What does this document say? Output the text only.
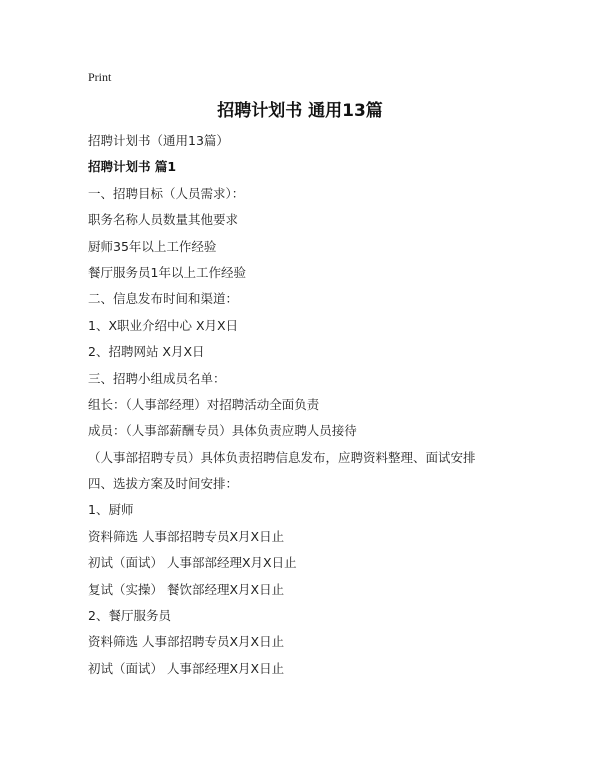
Print
招聘计划书 通用13篇
招聘计划书（通用13篇）
招聘计划书 篇1
一、招聘目标（人员需求）：
职务名称人员数量其他要求
厨师35年以上工作经验
餐厅服务员1年以上工作经验
二、信息发布时间和渠道：
1、X职业介绍中心 X月X日
2、招聘网站 X月X日
三、招聘小组成员名单：
组长：（人事部经理）对招聘活动全面负责
成员：（人事部薪酬专员）具体负责应聘人员接待
（人事部招聘专员）具体负责招聘信息发布，应聘资料整理、面试安排
四、选拔方案及时间安排：
1、厨师
资料筛选 人事部招聘专员X月X日止
初试（面试） 人事部部经理X月X日止
复试（实操） 餐饮部经理X月X日止
2、餐厅服务员
资料筛选 人事部招聘专员X月X日止
初试（面试） 人事部经理X月X日止
